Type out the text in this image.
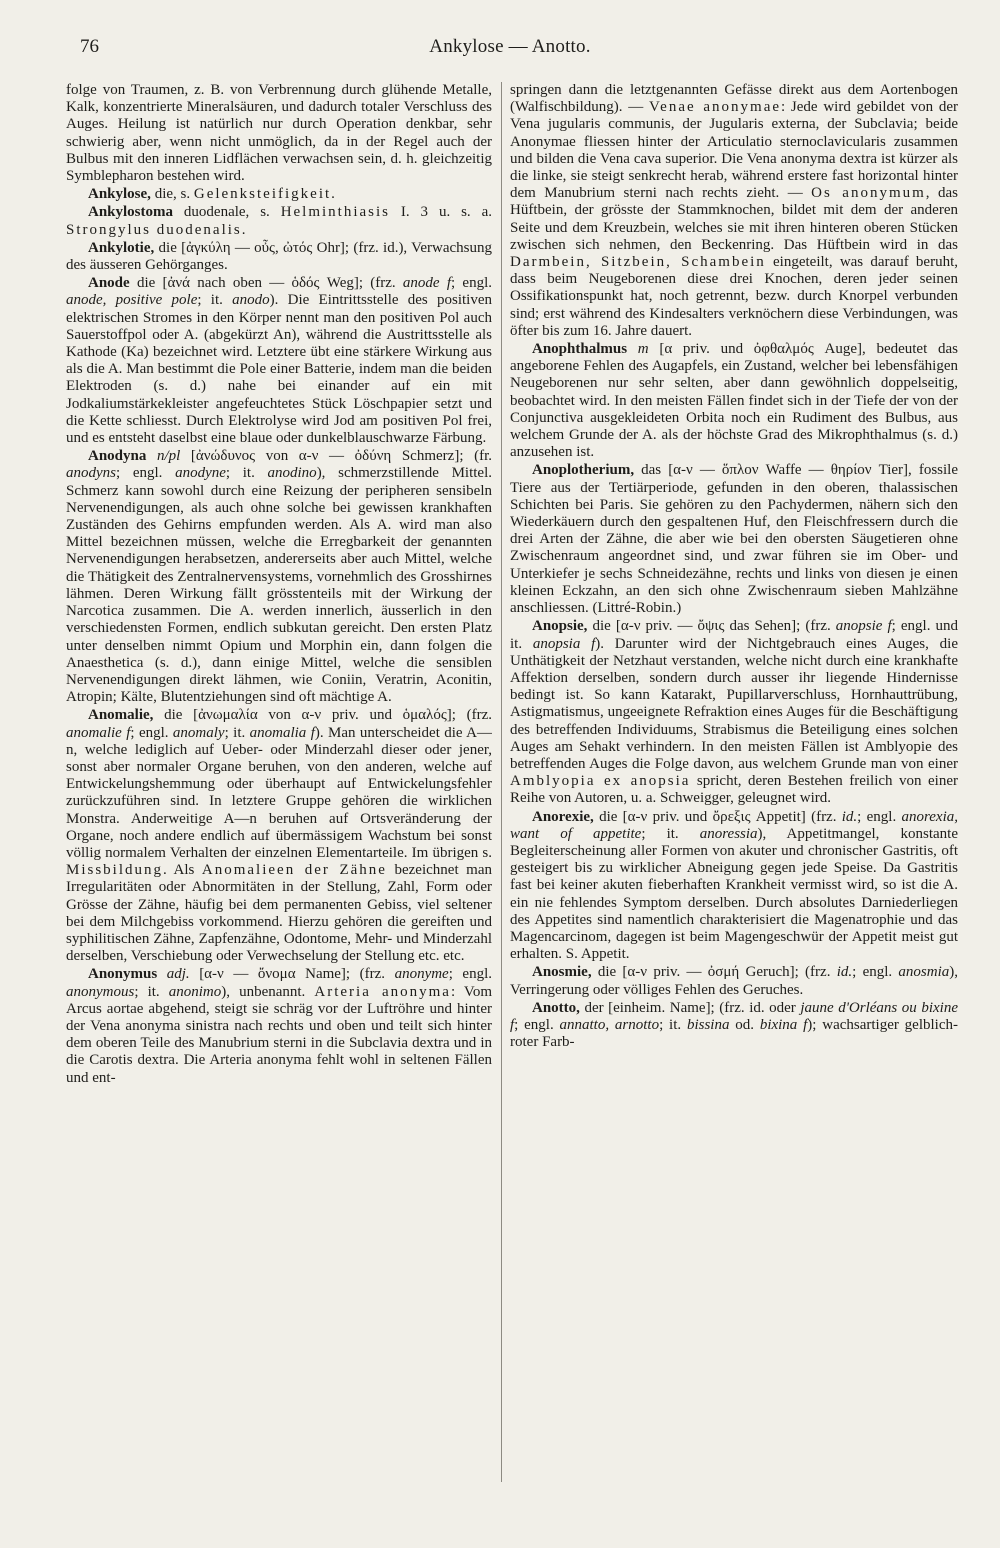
76	Ankylose — Anotto.

folge von Traumen, z. B. von Verbrennung durch glühende Metalle, Kalk, konzentrierte Mineralsäuren, und dadurch totaler Verschluss des Auges. Heilung ist natürlich nur durch Operation denkbar, sehr schwierig aber, wenn nicht unmöglich, da in der Regel auch der Bulbus mit den inneren Lidflächen verwachsen sein, d. h. gleichzeitig Symblepharon bestehen wird.

Ankylose, die, s. Gelenksteifigkeit.

Ankylostoma duodenale, s. Helminthiasis I. 3 u. s. a. Strongylus duodenalis.

Ankylotie, die [ἀγκύλη — οὖς, ὠτός Ohr]; (frz. id.), Verwachsung des äusseren Gehörganges.

Anode die [ἀνά nach oben — ὁδός Weg]; (frz. anode f; engl. anode, positive pole; it. anodo). Die Eintrittsstelle des positiven elektrischen Stromes in den Körper nennt man den positiven Pol auch Sauerstoffpol oder A. (abgekürzt An), während die Austrittsstelle als Kathode (Ka) bezeichnet wird. Letztere übt eine stärkere Wirkung aus als die A. Man bestimmt die Pole einer Batterie, indem man die beiden Elektroden (s. d.) nahe bei einander auf ein mit Jodkaliumstärkekleister angefeuchtetes Stück Löschpapier setzt und die Kette schliesst. Durch Elektrolyse wird Jod am positiven Pol frei, und es entsteht daselbst eine blaue oder dunkelblauschwarze Färbung.

Anodyna n/pl [ἀνώδυνος von α-ν — ὀδύνη Schmerz]; (fr. anodyns; engl. anodyne; it. anodino), schmerzstillende Mittel. Schmerz kann sowohl durch eine Reizung der peripheren sensibeln Nervenendigungen, als auch ohne solche bei gewissen krankhaften Zuständen des Gehirns empfunden werden. Als A. wird man also Mittel bezeichnen müssen, welche die Erregbarkeit der genannten Nervenendigungen herabsetzen, andererseits aber auch Mittel, welche die Thätigkeit des Zentralnervensystems, vornehmlich des Grosshirnes lähmen. Deren Wirkung fällt grösstenteils mit der Wirkung der Narcotica zusammen. Die A. werden innerlich, äusserlich in den verschiedensten Formen, endlich subkutan gereicht. Den ersten Platz unter denselben nimmt Opium und Morphin ein, dann folgen die Anaesthetica (s. d.), dann einige Mittel, welche die sensiblen Nervenendigungen direkt lähmen, wie Coniin, Veratrin, Aconitin, Atropin; Kälte, Blutentziehungen sind oft mächtige A.

Anomalie, die [ἀνωμαλία von α-ν priv. und ὁμαλός]; (frz. anomalie f; engl. anomaly; it. anomalia f). Man unterscheidet die A—n, welche lediglich auf Ueber- oder Minderzahl dieser oder jener, sonst aber normaler Organe beruhen, von den anderen, welche auf Entwickelungshemmung oder überhaupt auf Entwickelungsfehler zurückzuführen sind. In letztere Gruppe gehören die wirklichen Monstra. Anderweitige A—n beruhen auf Ortsveränderung der Organe, noch andere endlich auf übermässigem Wachstum bei sonst völlig normalem Verhalten der einzelnen Elementarteile. Im übrigen s. Missbildung. Als Anomalieen der Zähne bezeichnet man Irregularitäten oder Abnormitäten in der Stellung, Zahl, Form oder Grösse der Zähne, häufig bei dem permanenten Gebiss, viel seltener bei dem Milchgebiss vorkommend. Hierzu gehören die gereiften und syphilitischen Zähne, Zapfenzähne, Odontome, Mehr- und Minderzahl derselben, Verschiebung oder Verwechselung der Stellung etc. etc.

Anonymus adj. [α-ν — ὄνομα Name]; (frz. anonyme; engl. anonymous; it. anonimo), unbenannt. Arteria anonyma: Vom Arcus aortae abgehend, steigt sie schräg vor der Luftröhre und hinter der Vena anonyma sinistra nach rechts und oben und teilt sich hinter dem oberen Teile des Manubrium sterni in die Subclavia dextra und in die Carotis dextra. Die Arteria anonyma fehlt wohl in seltenen Fällen und ent-

springen dann die letztgenannten Gefässe direkt aus dem Aortenbogen (Walfischbildung). — Venae anonymae: Jede wird gebildet von der Vena jugularis communis, der Jugularis externa, der Subclavia; beide Anonymae fliessen hinter der Articulatio sternoclavicularis zusammen und bilden die Vena cava superior. Die Vena anonyma dextra ist kürzer als die linke, sie steigt senkrecht herab, während erstere fast horizontal hinter dem Manubrium sterni nach rechts zieht. — Os anonymum, das Hüftbein, der grösste der Stammknochen, bildet mit dem der anderen Seite und dem Kreuzbein, welches sie mit ihren hinteren oberen Stücken zwischen sich nehmen, den Beckenring. Das Hüftbein wird in das Darmbein, Sitzbein, Schambein eingeteilt, was darauf beruht, dass beim Neugeborenen diese drei Knochen, deren jeder seinen Ossifikationspunkt hat, noch getrennt, bezw. durch Knorpel verbunden sind; erst während des Kindesalters verknöchern diese Verbindungen, was öfter bis zum 16. Jahre dauert.

Anophthalmus m [α priv. und ὀφθαλμός Auge], bedeutet das angeborene Fehlen des Augapfels, ein Zustand, welcher bei lebensfähigen Neugeborenen nur sehr selten, aber dann gewöhnlich doppelseitig, beobachtet wird. In den meisten Fällen findet sich in der Tiefe der von der Conjunctiva ausgekleideten Orbita noch ein Rudiment des Bulbus, aus welchem Grunde der A. als der höchste Grad des Mikrophthalmus (s. d.) anzusehen ist.

Anoplotherium, das [α-ν — ὅπλον Waffe — θηρίον Tier], fossile Tiere aus der Tertiärperiode, gefunden in den oberen, thalassischen Schichten bei Paris. Sie gehören zu den Pachydermen, nähern sich den Wiederkäuern durch den gespaltenen Huf, den Fleischfressern durch die drei Arten der Zähne, die aber wie bei den obersten Säugetieren ohne Zwischenraum angeordnet sind, und zwar führen sie im Ober- und Unterkiefer je sechs Schneidezähne, rechts und links von diesen je einen kleinen Eckzahn, an den sich ohne Zwischenraum sieben Mahlzähne anschliessen. (Littré-Robin.)

Anopsie, die [α-ν priv. — ὄψις das Sehen]; (frz. anopsie f; engl. und it. anopsia f). Darunter wird der Nichtgebrauch eines Auges, die Unthätigkeit der Netzhaut verstanden, welche nicht durch eine krankhafte Affektion derselben, sondern durch ausser ihr liegende Hindernisse bedingt ist. So kann Katarakt, Pupillarverschluss, Hornhauttrübung, Astigmatismus, ungeeignete Refraktion eines Auges für die Beschäftigung des betreffenden Individuums, Strabismus die Beteiligung eines solchen Auges am Sehakt verhindern. In den meisten Fällen ist Amblyopie des betreffenden Auges die Folge davon, aus welchem Grunde man von einer Amblyopia ex anopsia spricht, deren Bestehen freilich von einer Reihe von Autoren, u. a. Schweigger, geleugnet wird.

Anorexie, die [α-ν priv. und ὄρεξις Appetit] (frz. id.; engl. anorexia, want of appetite; it. anoressia), Appetitmangel, konstante Begleiterscheinung aller Formen von akuter und chronischer Gastritis, oft gesteigert bis zu wirklicher Abneigung gegen jede Speise. Da Gastritis fast bei keiner akuten fieberhaften Krankheit vermisst wird, so ist die A. ein nie fehlendes Symptom derselben. Durch absolutes Darniederliegen des Appetites sind namentlich charakterisiert die Magenatrophie und das Magencarcinom, dagegen ist beim Magengeschwür der Appetit meist gut erhalten. S. Appetit.

Anosmie, die [α-ν priv. — ὀσμή Geruch]; (frz. id.; engl. anosmia), Verringerung oder völliges Fehlen des Geruches.

Anotto, der [einheim. Name]; (frz. id. oder jaune d'Orléans ou bixine f; engl. annatto, arnotto; it. bissina od. bixina f); wachsartiger gelblich-roter Farb-
